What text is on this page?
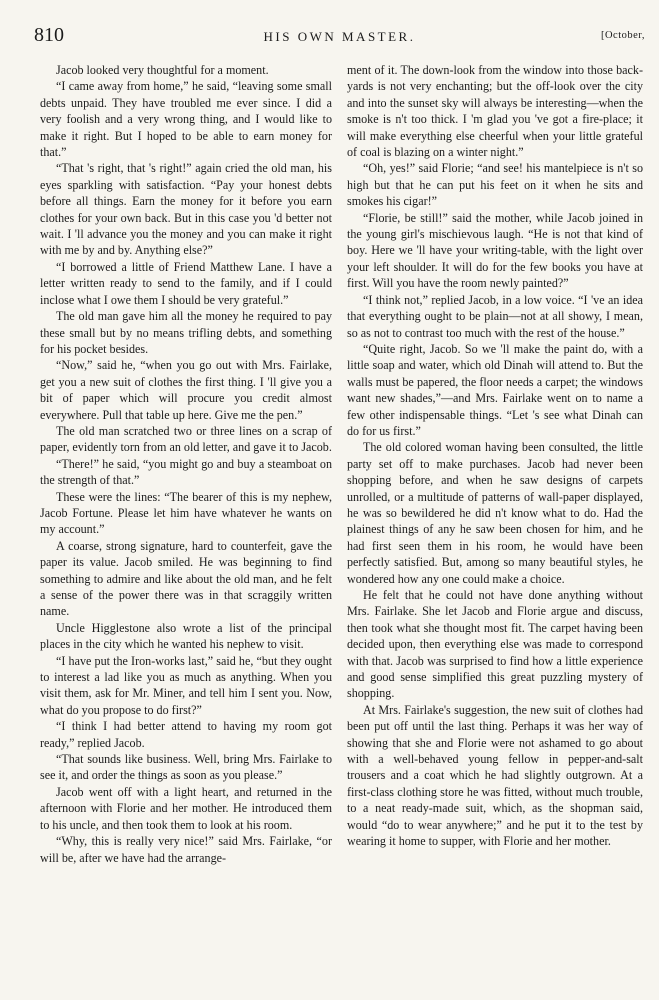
810	HIS OWN MASTER.	[October,

Jacob looked very thoughtful for a moment.

“I came away from home,” he said, “leaving some small debts unpaid. They have troubled me ever since. I did a very foolish and a very wrong thing, and I would like to make it right. But I hoped to be able to earn money for that.”

“That 's right, that 's right!” again cried the old man, his eyes sparkling with satisfaction. “Pay your honest debts before all things. Earn the money for it before you earn clothes for your own back. But in this case you 'd better not wait. I 'll advance you the money and you can make it right with me by and by. Anything else?”

“I borrowed a little of Friend Matthew Lane. I have a letter written ready to send to the family, and if I could inclose what I owe them I should be very grateful.”

The old man gave him all the money he required to pay these small but by no means trifling debts, and something for his pocket besides.

“Now,” said he, “when you go out with Mrs. Fairlake, get you a new suit of clothes the first thing. I 'll give you a bit of paper which will procure you credit almost everywhere. Pull that table up here. Give me the pen.”

The old man scratched two or three lines on a scrap of paper, evidently torn from an old letter, and gave it to Jacob.

“There!” he said, “you might go and buy a steamboat on the strength of that.”

These were the lines: “The bearer of this is my nephew, Jacob Fortune. Please let him have whatever he wants on my account.”

A coarse, strong signature, hard to counterfeit, gave the paper its value. Jacob smiled. He was beginning to find something to admire and like about the old man, and he felt a sense of the power there was in that scraggily written name.

Uncle Higglestone also wrote a list of the principal places in the city which he wanted his nephew to visit.

“I have put the Iron-works last,” said he, “but they ought to interest a lad like you as much as anything. When you visit them, ask for Mr. Miner, and tell him I sent you. Now, what do you propose to do first?”

“I think I had better attend to having my room got ready,” replied Jacob.

“That sounds like business. Well, bring Mrs. Fairlake to see it, and order the things as soon as you please.”

Jacob went off with a light heart, and returned in the afternoon with Florie and her mother. He introduced them to his uncle, and then took them to look at his room.

“Why, this is really very nice!” said Mrs. Fairlake, “or will be, after we have had the arrange-

ment of it. The down-look from the window into those back-yards is not very enchanting; but the off-look over the city and into the sunset sky will always be interesting—when the smoke is n't too thick. I 'm glad you 've got a fire-place; it will make everything else cheerful when your little grateful of coal is blazing on a winter night.”

“Oh, yes!” said Florie; “and see! his mantelpiece is n't so high but that he can put his feet on it when he sits and smokes his cigar!”

“Florie, be still!” said the mother, while Jacob joined in the young girl's mischievous laugh. “He is not that kind of boy. Here we 'll have your writing-table, with the light over your left shoulder. It will do for the few books you have at first. Will you have the room newly painted?”

“I think not,” replied Jacob, in a low voice. “I 've an idea that everything ought to be plain—not at all showy, I mean, so as not to contrast too much with the rest of the house.”

“Quite right, Jacob. So we 'll make the paint do, with a little soap and water, which old Dinah will attend to. But the walls must be papered, the floor needs a carpet; the windows want new shades,”—and Mrs. Fairlake went on to name a few other indispensable things. “Let 's see what Dinah can do for us first.”

The old colored woman having been consulted, the little party set off to make purchases. Jacob had never been shopping before, and when he saw designs of carpets unrolled, or a multitude of patterns of wall-paper displayed, he was so bewildered he did n't know what to do. Had the plainest things of any he saw been chosen for him, and he had first seen them in his room, he would have been perfectly satisfied. But, among so many beautiful styles, he wondered how any one could make a choice.

He felt that he could not have done anything without Mrs. Fairlake. She let Jacob and Florie argue and discuss, then took what she thought most fit. The carpet having been decided upon, then everything else was made to correspond with that. Jacob was surprised to find how a little experience and good sense simplified this great puzzling mystery of shopping.

At Mrs. Fairlake's suggestion, the new suit of clothes had been put off until the last thing. Perhaps it was her way of showing that she and Florie were not ashamed to go about with a well-behaved young fellow in pepper-and-salt trousers and a coat which he had slightly outgrown. At a first-class clothing store he was fitted, without much trouble, to a neat ready-made suit, which, as the shopman said, would “do to wear anywhere;” and he put it to the test by wearing it home to supper, with Florie and her mother.
